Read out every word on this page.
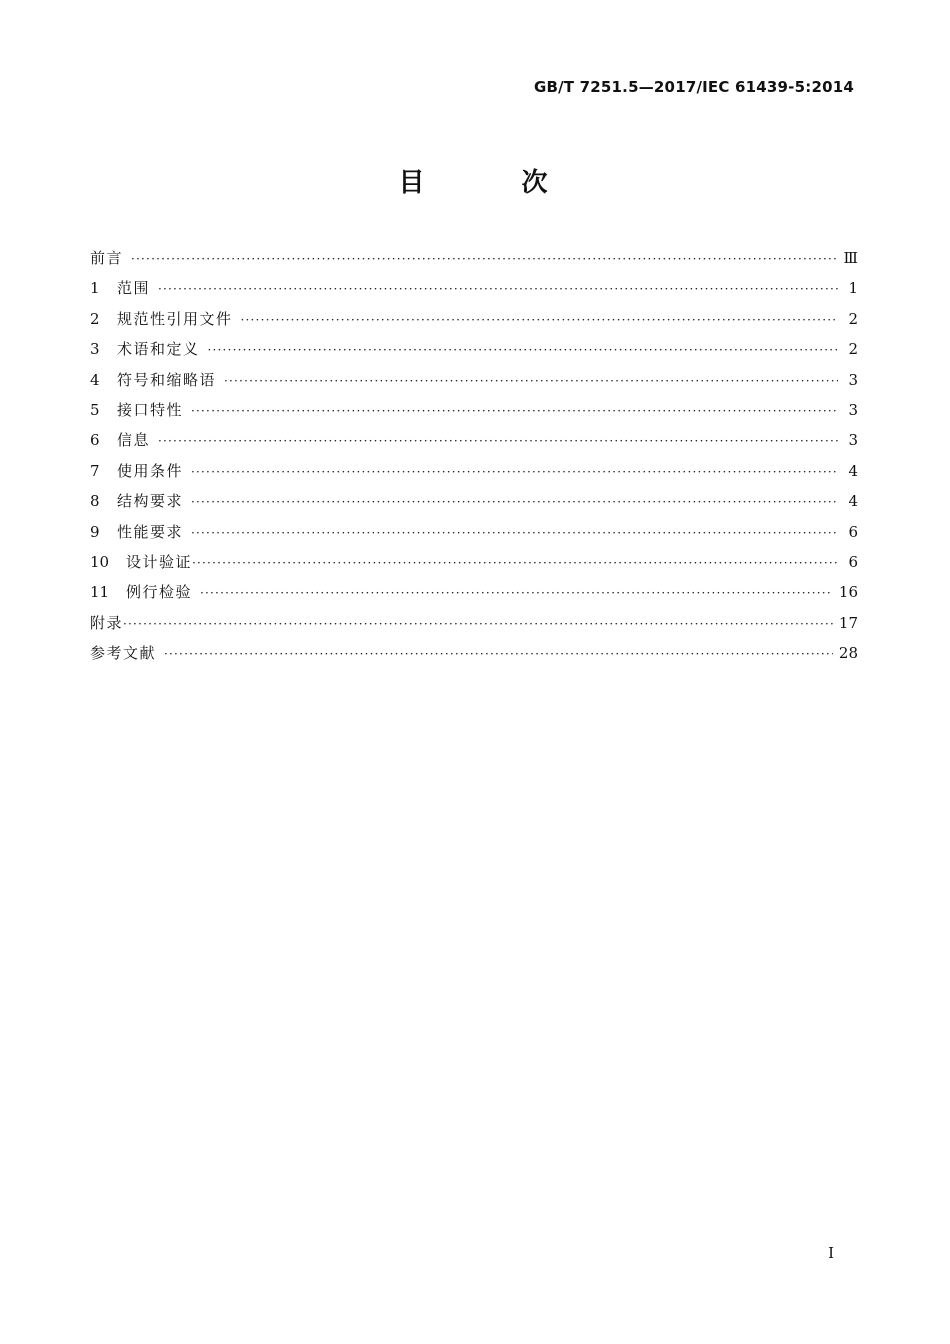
GB/T 7251.5—2017/IEC 61439-5:2014
目 次
前言 ·····	Ⅲ
1	范围 ·····	1
2	规范性引用文件 ·····	2
3	术语和定义 ·····	2
4	符号和缩略语 ·····	3
5	接口特性 ·····	3
6	信息 ·····	3
7	使用条件 ·····	4
8	结构要求 ·····	4
9	性能要求 ·····	6
10	设计验证 ·····	6
11	例行检验 ·····	16
附录 ·····	17
参考文献 ·····	28
I
